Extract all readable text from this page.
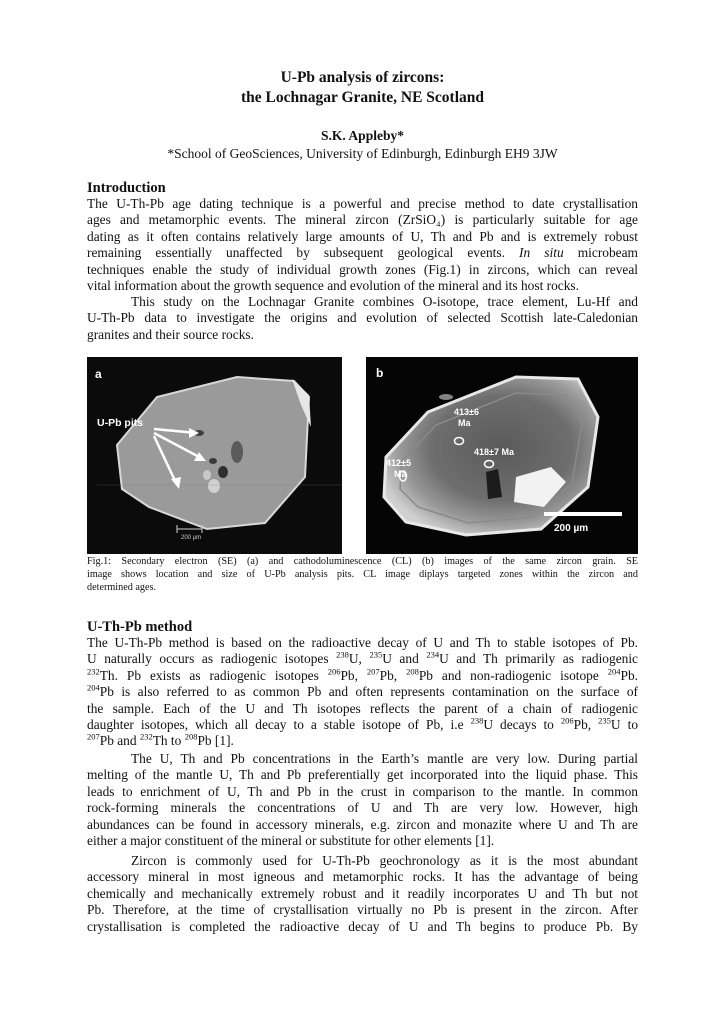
U-Pb analysis of zircons:
the Lochnagar Granite, NE Scotland
S.K. Appleby*
*School of GeoSciences, University of Edinburgh, Edinburgh EH9 3JW
Introduction
The U-Th-Pb age dating technique is a powerful and precise method to date crystallisation
ages and metamorphic events. The mineral zircon (ZrSiO₄) is particularly suitable for age
dating as it often contains relatively large amounts of U, Th and Pb and is extremely robust
remaining essentially unaffected by subsequent geological events. In situ microbeam
techniques enable the study of individual growth zones (Fig.1) in zircons, which can reveal
vital information about the growth sequence and evolution of the mineral and its host rocks.
This study on the Lochnagar Granite combines O-isotope, trace element, Lu-Hf and
U-Th-Pb data to investigate the origins and evolution of selected Scottish late-Caledonian
granites and their source rocks.
a
U-Pb pits
200 µm
b
413±6
Ma
418±7 Ma
412±5
Ma
200 µm
Fig.1: Secondary electron (SE) (a) and cathodoluminescence (CL) (b) images of the same zircon grain. SE
image shows location and size of U-Pb analysis pits. CL image diplays targeted zones within the zircon and
determined ages.
U-Th-Pb method
The U-Th-Pb method is based on the radioactive decay of U and Th to stable isotopes of Pb.
U naturally occurs as radiogenic isotopes $^{238}$U, $^{235}$U and $^{234}$U and Th primarily as radiogenic
$^{232}$Th. Pb exists as radiogenic isotopes $^{206}$Pb, $^{207}$Pb, $^{208}$Pb and non-radiogenic isotope $^{204}$Pb.
$^{204}$Pb is also referred to as common Pb and often represents contamination on the surface of
the sample. Each of the U and Th isotopes reflects the parent of a chain of radiogenic
daughter isotopes, which all decay to a stable isotope of Pb, i.e $^{238}$U decays to $^{206}$Pb, $^{235}$U to
$^{207}$Pb and $^{232}$Th to $^{208}$Pb [1].
The U, Th and Pb concentrations in the Earth’s mantle are very low. During partial
melting of the mantle U, Th and Pb preferentially get incorporated into the liquid phase. This
leads to enrichment of U, Th and Pb in the crust in comparison to the mantle. In common
rock-forming minerals the concentrations of U and Th are very low. However, high
abundances can be found in accessory minerals, e.g. zircon and monazite where U and Th are
either a major constituent of the mineral or substitute for other elements [1].
Zircon is commonly used for U-Th-Pb geochronology as it is the most abundant
accessory mineral in most igneous and metamorphic rocks. It has the advantage of being
chemically and mechanically extremely robust and it readily incorporates U and Th but not
Pb. Therefore, at the time of crystallisation virtually no Pb is present in the zircon. After
crystallisation is completed the radioactive decay of U and Th begins to produce Pb. By
